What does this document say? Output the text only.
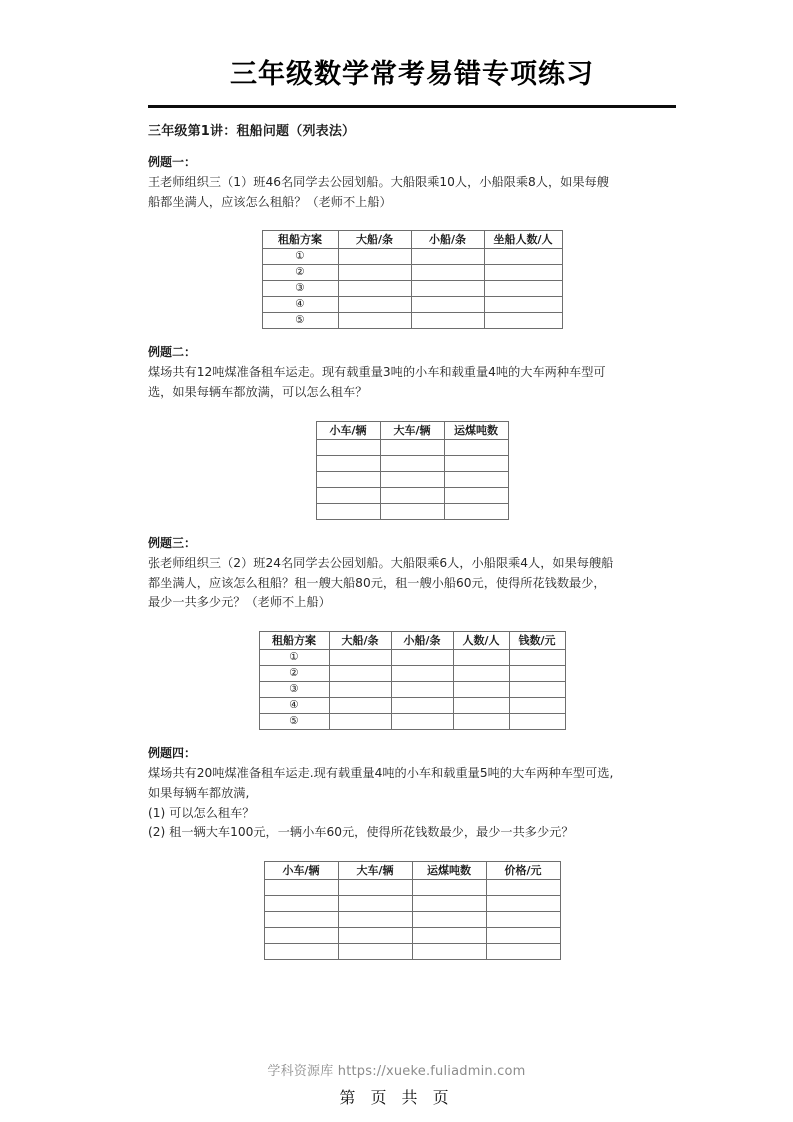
三年级数学常考易错专项练习
三年级第1讲：租船问题（列表法）
例题一：
王老师组织三（1）班46名同学去公园划船。大船限乘10人，小船限乘8人，如果每艘
船都坐满人，应该怎么租船？（老师不上船）
租船方案	大船/条	小船/条	坐船人数/人
①			
②			
③			
④			
⑤			
例题二：
煤场共有12吨煤准备租车运走。现有载重量3吨的小车和载重量4吨的大车两种车型可
选，如果每辆车都放满，可以怎么租车？
小车/辆	大车/辆	运煤吨数

例题三：
张老师组织三（2）班24名同学去公园划船。大船限乘6人，小船限乘4人，如果每艘船
都坐满人，应该怎么租船？租一艘大船80元，租一艘小船60元，使得所花钱数最少，
最少一共多少元？（老师不上船）
租船方案	大船/条	小船/条	人数/人	钱数/元
①				
②				
③				
④				
⑤				
例题四：
煤场共有20吨煤准备租车运走.现有载重量4吨的小车和载重量5吨的大车两种车型可选,
如果每辆车都放满,
(1) 可以怎么租车？
(2) 租一辆大车100元，一辆小车60元，使得所花钱数最少，最少一共多少元？
小车/辆	大车/辆	运煤吨数	价格/元

学科资源库 https://xueke.fuliadmin.com
第 页 共 页
